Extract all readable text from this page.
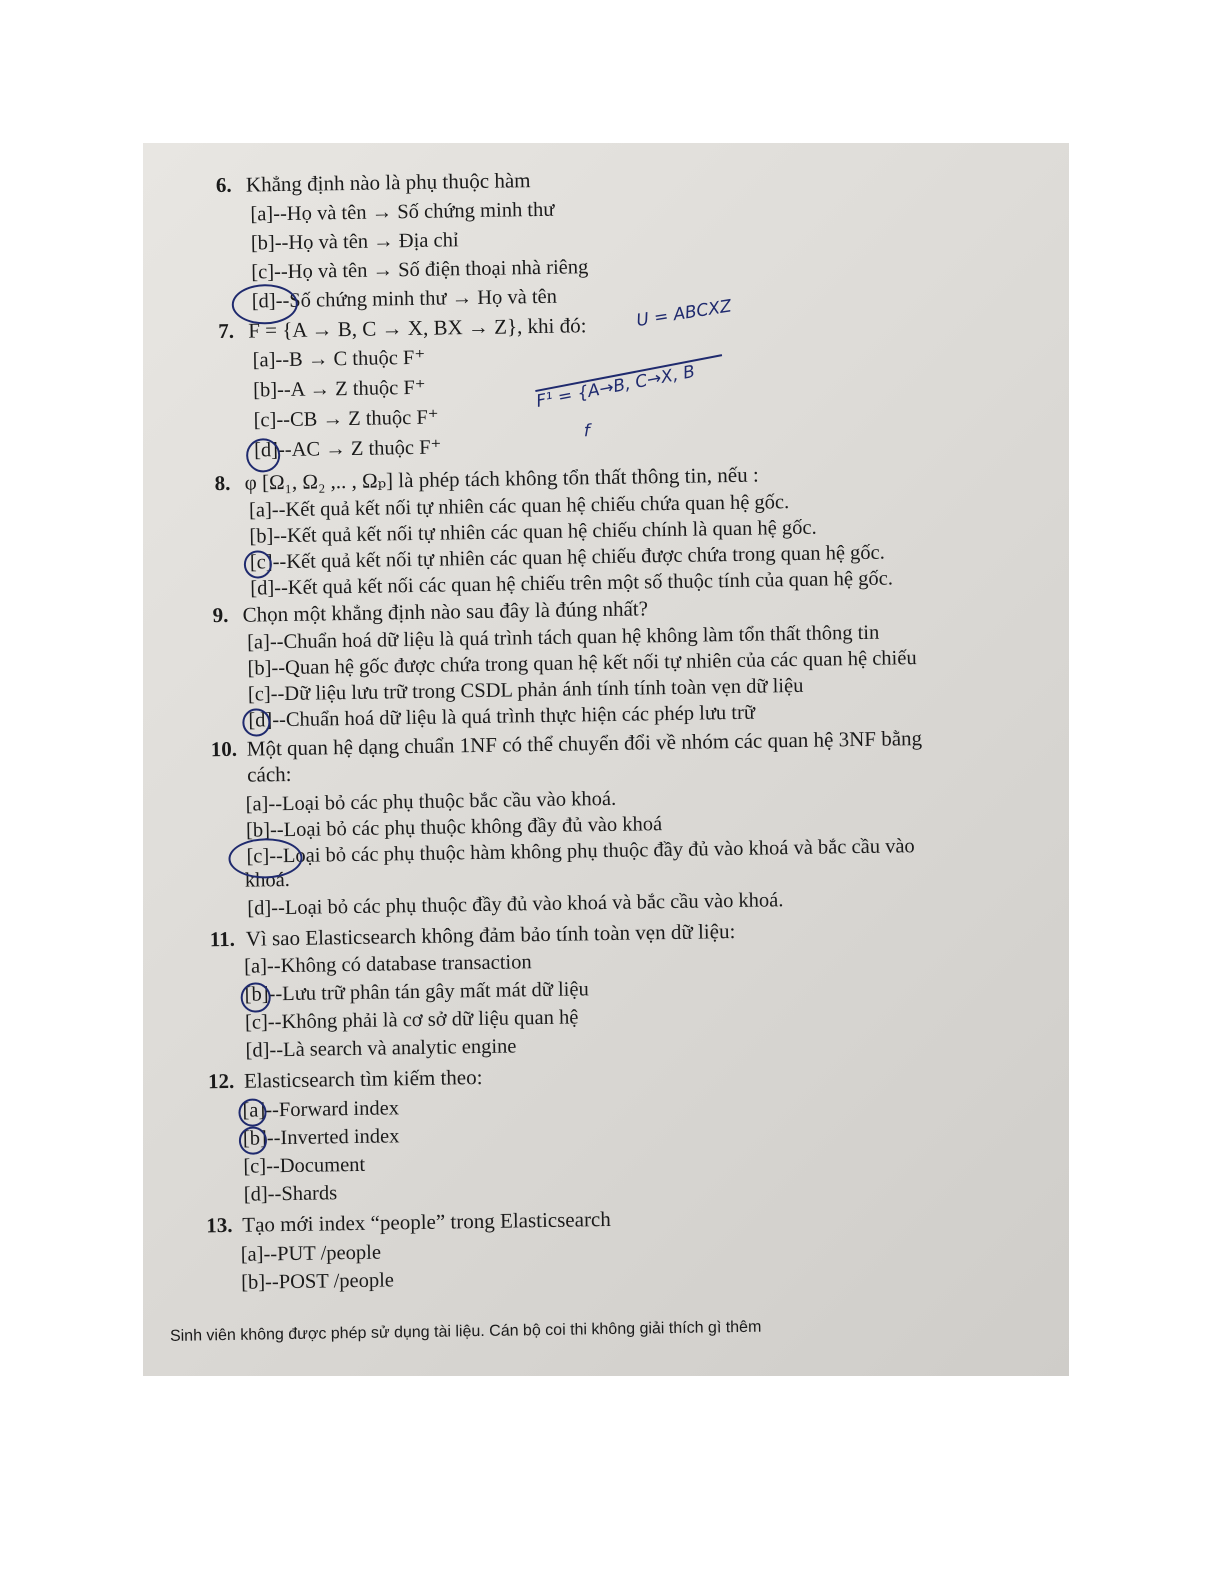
6. Khẳng định nào là phụ thuộc hàm
[a]--Họ và tên → Số chứng minh thư
[b]--Họ và tên → Địa chỉ
[c]--Họ và tên → Số điện thoại nhà riêng
[d]--Số chứng minh thư → Họ và tên
7. F = {A → B, C → X, BX → Z}, khi đó:
[a]--B → C thuộc F⁺
[b]--A → Z thuộc F⁺
[c]--CB → Z thuộc F⁺
[d]--AC → Z thuộc F⁺
8. φ [Ω₁, Ω₂ ,.. , Ωₚ] là phép tách không tổn thất thông tin, nếu :
[a]--Kết quả kết nối tự nhiên các quan hệ chiếu chứa quan hệ gốc.
[b]--Kết quả kết nối tự nhiên các quan hệ chiếu chính là quan hệ gốc.
[c]--Kết quả kết nối tự nhiên các quan hệ chiếu được chứa trong quan hệ gốc.
[d]--Kết quả kết nối các quan hệ chiếu trên một số thuộc tính của quan hệ gốc.
9. Chọn một khẳng định nào sau đây là đúng nhất?
[a]--Chuẩn hoá dữ liệu là quá trình tách quan hệ không làm tổn thất thông tin
[b]--Quan hệ gốc được chứa trong quan hệ kết nối tự nhiên của các quan hệ chiếu
[c]--Dữ liệu lưu trữ trong CSDL phản ánh tính tính toàn vẹn dữ liệu
[d]--Chuẩn hoá dữ liệu là quá trình thực hiện các phép lưu trữ
10. Một quan hệ dạng chuẩn 1NF có thể chuyển đổi về nhóm các quan hệ 3NF bằng
cách:
[a]--Loại bỏ các phụ thuộc bắc cầu vào khoá.
[b]--Loại bỏ các phụ thuộc không đầy đủ vào khoá
[c]--Loại bỏ các phụ thuộc hàm không phụ thuộc đầy đủ vào khoá và bắc cầu vào
khoá.
[d]--Loại bỏ các phụ thuộc đầy đủ vào khoá và bắc cầu vào khoá.
11. Vì sao Elasticsearch không đảm bảo tính toàn vẹn dữ liệu:
[a]--Không có database transaction
[b]--Lưu trữ phân tán gây mất mát dữ liệu
[c]--Không phải là cơ sở dữ liệu quan hệ
[d]--Là search và analytic engine
12. Elasticsearch tìm kiếm theo:
[a]--Forward index
[b]--Inverted index
[c]--Document
[d]--Shards
13. Tạo mới index “people” trong Elasticsearch
[a]--PUT /people
[b]--POST /people
Sinh viên không được phép sử dụng tài liệu. Cán bộ coi thi không giải thích gì thêm
U = ABCXZ
F¹ = {A→B, C→X, B
f
